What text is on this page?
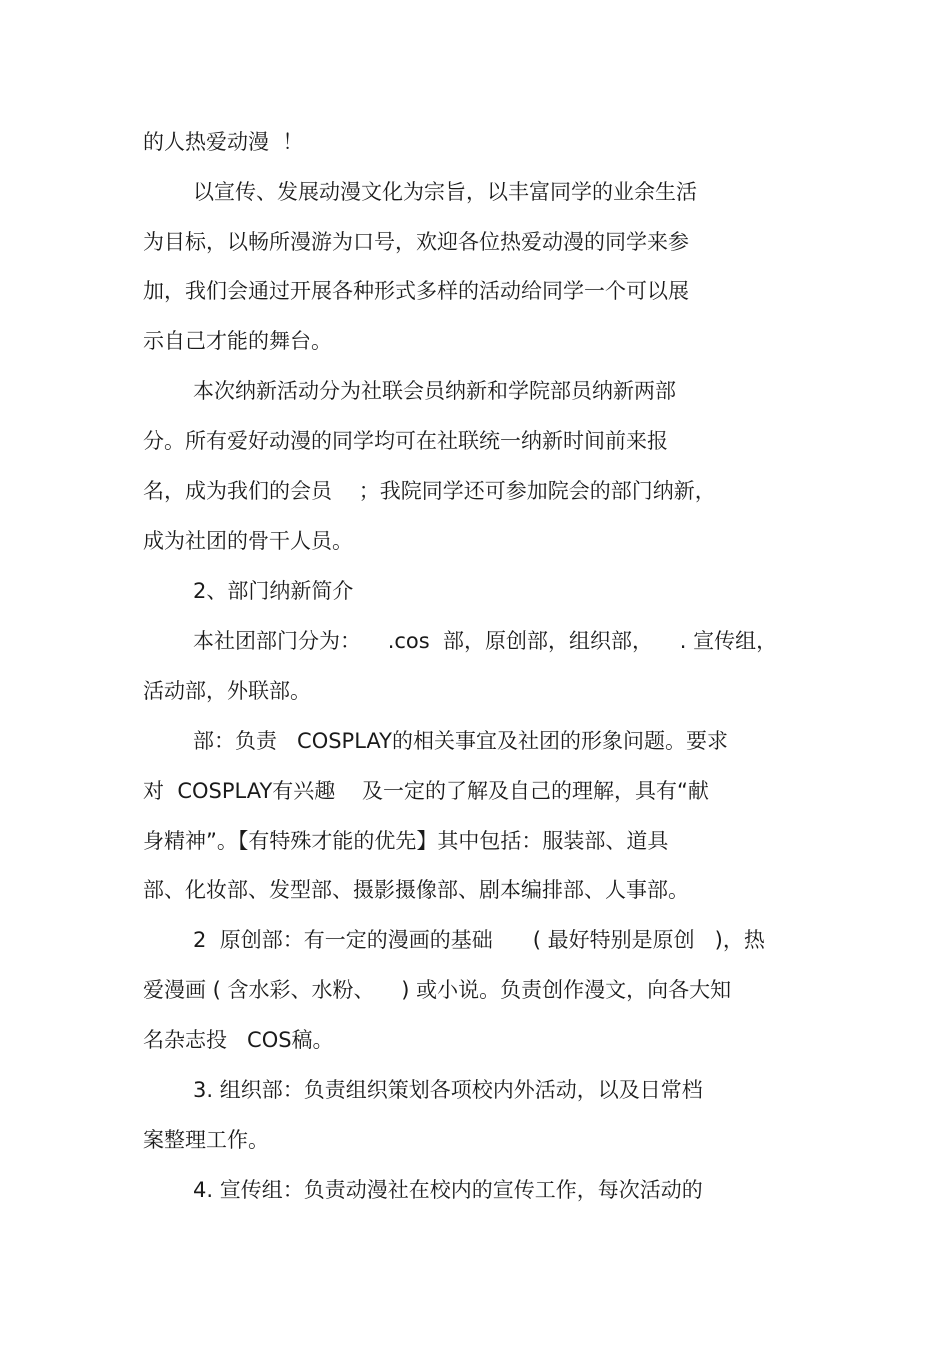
的人热爱动漫  ！

以宣传、发展动漫文化为宗旨，以丰富同学的业余生活

为目标，以畅所漫游为口号，欢迎各位热爱动漫的同学来参

加，我们会通过开展各种形式多样的活动给同学一个可以展

示自己才能的舞台。

本次纳新活动分为社联会员纳新和学院部员纳新两部

分。所有爱好动漫的同学均可在社联统一纳新时间前来报

名，成为我们的会员    ；我院同学还可参加院会的部门纳新，

成为社团的骨干人员。

2、部门纳新简介

本社团部门分为：    .cos  部，原创部，组织部，    . 宣传组，

活动部，外联部。

部：负责   COSPLAY的相关事宜及社团的形象问题。要求

对  COSPLAY有兴趣    及一定的了解及自己的理解，具有“献

身精神”。【有特殊才能的优先】其中包括：服装部、道具

部、化妆部、发型部、摄影摄像部、剧本编排部、人事部。

2  原创部：有一定的漫画的基础      ( 最好特别是原创   )，热

爱漫画 ( 含水彩、水粉、    ) 或小说。负责创作漫文，向各大知

名杂志投   COS稿。

3. 组织部：负责组织策划各项校内外活动，以及日常档

案整理工作。

4. 宣传组：负责动漫社在校内的宣传工作，每次活动的
